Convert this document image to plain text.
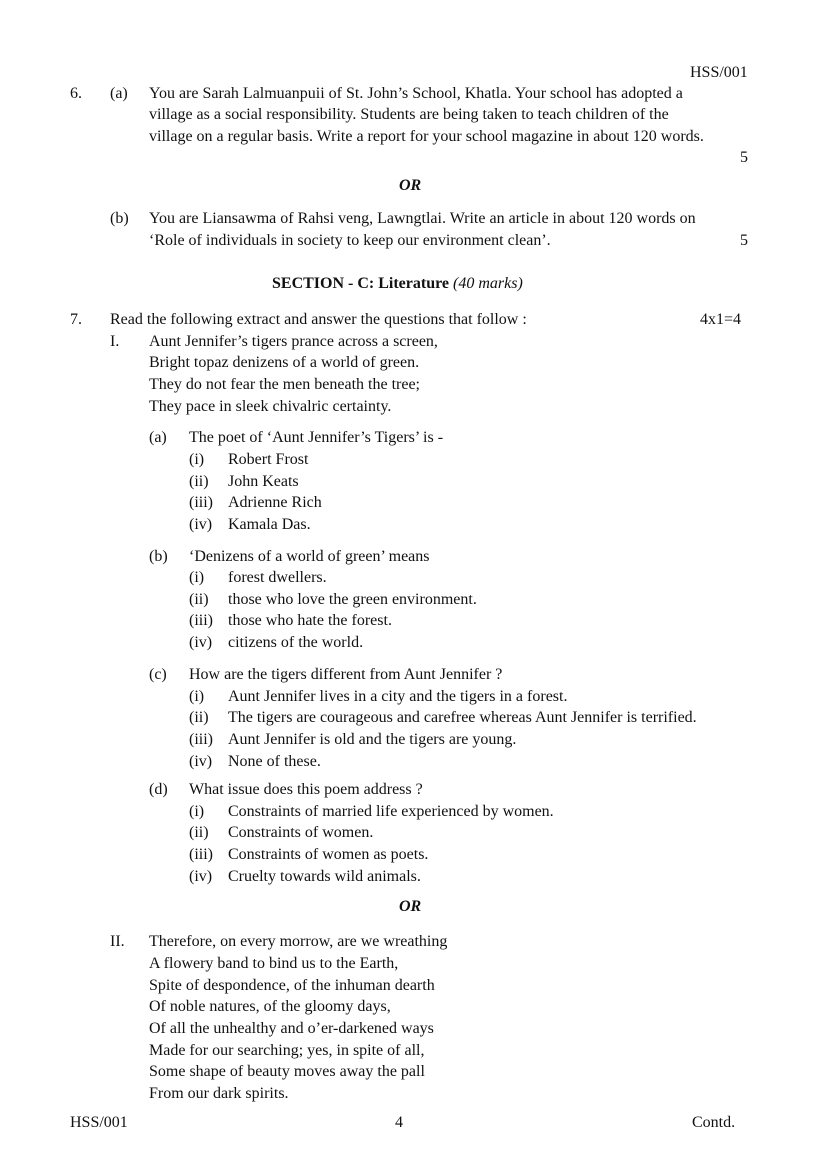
HSS/001
6. (a) You are Sarah Lalmuanpuii of St. John’s School, Khatla. Your school has adopted a
village as a social responsibility. Students are being taken to teach children of the
village on a regular basis. Write a report for your school magazine in about 120 words.
5
OR
(b) You are Liansawma of Rahsi veng, Lawngtlai. Write an article in about 120 words on
‘Role of individuals in society to keep our environment clean’.	5
SECTION - C: Literature (40 marks)
7. Read the following extract and answer the questions that follow :	4x1=4
I. Aunt Jennifer’s tigers prance across a screen,
Bright topaz denizens of a world of green.
They do not fear the men beneath the tree;
They pace in sleek chivalric certainty.
(a) The poet of ‘Aunt Jennifer’s Tigers’ is -
(i) Robert Frost
(ii) John Keats
(iii) Adrienne Rich
(iv) Kamala Das.
(b) ‘Denizens of a world of green’ means
(i) forest dwellers.
(ii) those who love the green environment.
(iii) those who hate the forest.
(iv) citizens of the world.
(c) How are the tigers different from Aunt Jennifer ?
(i) Aunt Jennifer lives in a city and the tigers in a forest.
(ii) The tigers are courageous and carefree whereas Aunt Jennifer is terrified.
(iii) Aunt Jennifer is old and the tigers are young.
(iv) None of these.
(d) What issue does this poem address ?
(i) Constraints of married life experienced by women.
(ii) Constraints of women.
(iii) Constraints of women as poets.
(iv) Cruelty towards wild animals.
OR
II. Therefore, on every morrow, are we wreathing
A flowery band to bind us to the Earth,
Spite of despondence, of the inhuman dearth
Of noble natures, of the gloomy days,
Of all the unhealthy and o’er-darkened ways
Made for our searching; yes, in spite of all,
Some shape of beauty moves away the pall
From our dark spirits.
HSS/001	4	Contd.
